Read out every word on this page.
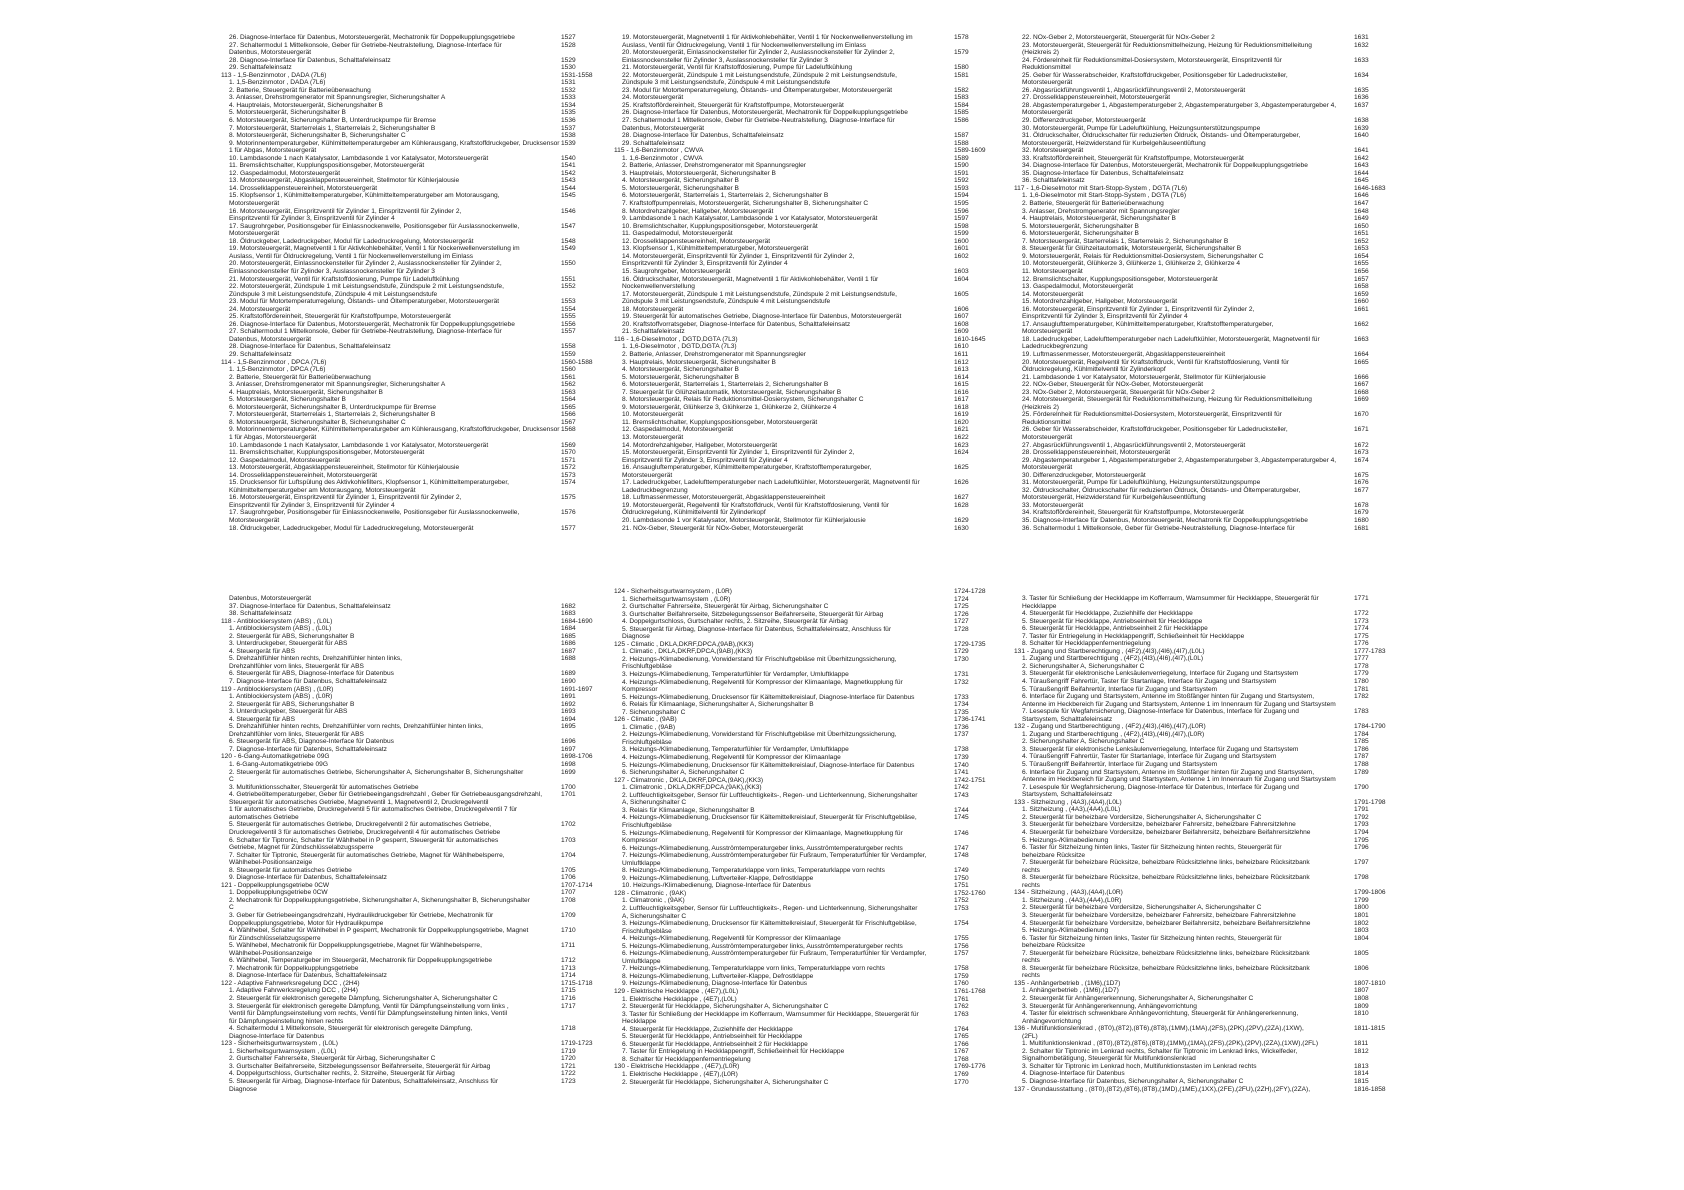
26. Diagnose-Interface für Datenbus, Motorsteuergerät, Mechatronik für Doppelkupplungsgetriebe	1527
27. Schaltermodul 1 Mittelkonsole, Geber für Getriebe-Neutralstellung, Diagnose-Interface für	1528
Datenbus, Motorsteuergerät
28. Diagnose-Interface für Datenbus, Schalttafeleinsatz	1529
29. Schalttafeleinsatz	1530
113 - 1,5-Benzinmotor , DADA (7L6)	1531-1558
1. 1,5-Benzinmotor , DADA (7L6)	1531
2. Batterie, Steuergerät für Batterieüberwachung	1532
3. Anlasser, Drehstromgenerator mit Spannungsregler, Sicherungshalter A	1533
4. Hauptrelais, Motorsteuergerät, Sicherungshalter B	1534
5. Motorsteuergerät, Sicherungshalter B	1535
6. Motorsteuergerät, Sicherungshalter B, Unterdruckpumpe für Bremse	1536
7. Motorsteuergerät, Starterrelais 1, Starterrelais 2, Sicherungshalter B	1537
8. Motorsteuergerät, Sicherungshalter B, Sicherungshalter C	1538
9. Motorinnentemperaturgeber, Kühlmitteltemperaturgeber am Kühlerausgang, Kraftstoffdruckgeber, Drucksensor 1539
1 für Abgas, Motorsteuergerät
10. Lambdasonde 1 nach Katalysator, Lambdasonde 1 vor Katalysator, Motorsteuergerät	1540
11. Bremslichtschalter, Kupplungspositionsgeber, Motorsteuergerät	1541
12. Gaspedalmodul, Motorsteuergerät	1542
13. Motorsteuergerät, Abgasklappensteuereinheit, Stellmotor für Kühlerjalousie	1543
14. Drosselklappensteuereinheit, Motorsteuergerät	1544
15. Klopfsensor 1, Kühlmitteltemperaturgeber, Kühlmitteltemperaturgeber am Motorausgang,	1545
Motorsteuergerät
16. Motorsteuergerät, Einspritzventil für Zylinder 1, Einspritzventil für Zylinder 2,	1546
Einspritzventil für Zylinder 3, Einspritzventil für Zylinder 4
17. Saugrohrgeber, Positionsgeber für Einlassnockenwelle, Positionsgeber für Auslassnockenwelle,	1547
Motorsteuergerät
18. Öldruckgeber, Ladedruckgeber, Modul für Ladedruckregelung, Motorsteuergerät	1548
19. Motorsteuergerät, Magnetventil 1 für Aktivkohlebehälter, Ventil 1 für Nockenwellenverstellung im	1549
Auslass, Ventil für Öldruckregelung, Ventil 1 für Nockenwellenverstellung im Einlass
20. Motorsteuergerät, Einlassnockensteller für Zylinder 2, Auslassnockensteller für Zylinder 2,	1550
Einlassnockensteller für Zylinder 3, Auslassnockensteller für Zylinder 3
21. Motorsteuergerät, Ventil für Kraftstoffdosierung, Pumpe für Ladeluftkühlung	1551
22. Motorsteuergerät, Zündspule 1 mit Leistungsendstufe, Zündspule 2 mit Leistungsendstufe,	1552
Zündspule 3 mit Leistungsendstufe, Zündspule 4 mit Leistungsendstufe
23. Modul für Motortemperaturregelung, Ölstands- und Öltemperaturgeber, Motorsteuergerät	1553
24. Motorsteuergerät	1554
25. Kraftstoffördereinheit, Steuergerät für Kraftstoffpumpe, Motorsteuergerät	1555
26. Diagnose-Interface für Datenbus, Motorsteuergerät, Mechatronik für Doppelkupplungsgetriebe	1556
27. Schaltermodul 1 Mittelkonsole, Geber für Getriebe-Neutralstellung, Diagnose-Interface für	1557
Datenbus, Motorsteuergerät
28. Diagnose-Interface für Datenbus, Schalttafeleinsatz	1558
29. Schalttafeleinsatz	1559
114 - 1,5-Benzinmotor , DPCA (7L6)	1560-1588
1. 1,5-Benzinmotor , DPCA (7L6)	1560
2. Batterie, Steuergerät für Batterieüberwachung	1561
3. Anlasser, Drehstromgenerator mit Spannungsregler, Sicherungshalter A	1562
4. Hauptrelais, Motorsteuergerät, Sicherungshalter B	1563
5. Motorsteuergerät, Sicherungshalter B	1564
6. Motorsteuergerät, Sicherungshalter B, Unterdruckpumpe für Bremse	1565
7. Motorsteuergerät, Starterrelais 1, Starterrelais 2, Sicherungshalter B	1566
8. Motorsteuergerät, Sicherungshalter B, Sicherungshalter C	1567
9. Motorinnentemperaturgeber, Kühlmitteltemperaturgeber am Kühlerausgang, Kraftstoffdruckgeber, Drucksensor 1568
1 für Abgas, Motorsteuergerät
10. Lambdasonde 1 nach Katalysator, Lambdasonde 1 vor Katalysator, Motorsteuergerät	1569
11. Bremslichtschalter, Kupplungspositionsgeber, Motorsteuergerät	1570
12. Gaspedalmodul, Motorsteuergerät	1571
13. Motorsteuergerät, Abgasklappensteuereinheit, Stellmotor für Kühlerjalousie	1572
14. Drosselklappensteuereinheit, Motorsteuergerät	1573
15. Drucksensor für Luftspülung des Aktivkohlefilters, Klopfsensor 1, Kühlmitteltemperaturgeber,	1574
Kühlmitteltemperaturgeber am Motorausgang, Motorsteuergerät
16. Motorsteuergerät, Einspritzventil für Zylinder 1, Einspritzventil für Zylinder 2,	1575
Einspritzventil für Zylinder 3, Einspritzventil für Zylinder 4
17. Saugrohrgeber, Positionsgeber für Einlassnockenwelle, Positionsgeber für Auslassnockenwelle,	1576
Motorsteuergerät
18. Öldruckgeber, Ladedruckgeber, Modul für Ladedruckregelung, Motorsteuergerät	1577
19. Motorsteuergerät, Magnetventil 1 für Aktivkohlebehälter, Ventil 1 für Nockenwellenverstellung im	1578
Auslass, Ventil für Öldruckregelung, Ventil 1 für Nockenwellenverstellung im Einlass
20. Motorsteuergerät, Einlassnockensteller für Zylinder 2, Auslassnockensteller für Zylinder 2,	1579
Einlassnockensteller für Zylinder 3, Auslassnockensteller für Zylinder 3
21. Motorsteuergerät, Ventil für Kraftstoffdosierung, Pumpe für Ladeluftkühlung	1580
22. Motorsteuergerät, Zündspule 1 mit Leistungsendstufe, Zündspule 2 mit Leistungsendstufe,	1581
Zündspule 3 mit Leistungsendstufe, Zündspule 4 mit Leistungsendstufe
23. Modul für Motortemperaturregelung, Ölstands- und Öltemperaturgeber, Motorsteuergerät	1582
24. Motorsteuergerät	1583
25. Kraftstoffördereinheit, Steuergerät für Kraftstoffpumpe, Motorsteuergerät	1584
26. Diagnose-Interface für Datenbus, Motorsteuergerät, Mechatronik für Doppelkupplungsgetriebe	1585
27. Schaltermodul 1 Mittelkonsole, Geber für Getriebe-Neutralstellung, Diagnose-Interface für	1586
Datenbus, Motorsteuergerät
28. Diagnose-Interface für Datenbus, Schalttafeleinsatz	1587
29. Schalttafeleinsatz	1588
115 - 1,6-Benzinmotor , CWVA	1589-1609
1. 1,6-Benzinmotor , CWVA	1589
2. Batterie, Anlasser, Drehstromgenerator mit Spannungsregler	1590
3. Hauptrelais, Motorsteuergerät, Sicherungshalter B	1591
4. Motorsteuergerät, Sicherungshalter B	1592
5. Motorsteuergerät, Sicherungshalter B	1593
6. Motorsteuergerät, Starterrelais 1, Starterrelais 2, Sicherungshalter B	1594
7. Kraftstoffpumpenrelais, Motorsteuergerät, Sicherungshalter B, Sicherungshalter C	1595
8. Motordrehzahlgeber, Hallgeber, Motorsteuergerät	1596
9. Lambdasonde 1 nach Katalysator, Lambdasonde 1 vor Katalysator, Motorsteuergerät	1597
10. Bremslichtschalter, Kupplungspositionsgeber, Motorsteuergerät	1598
11. Gaspedalmodul, Motorsteuergerät	1599
12. Drosselklappensteuereinheit, Motorsteuergerät	1600
13. Klopfsensor 1, Kühlmitteltemperaturgeber, Motorsteuergerät	1601
14. Motorsteuergerät, Einspritzventil für Zylinder 1, Einspritzventil für Zylinder 2,	1602
Einspritzventil für Zylinder 3, Einspritzventil für Zylinder 4
15. Saugrohrgeber, Motorsteuergerät	1603
16. Öldruckschalter, Motorsteuergerät, Magnetventil 1 für Aktivkohlebehälter, Ventil 1 für	1604
Nockenwellenverstellung
17. Motorsteuergerät, Zündspule 1 mit Leistungsendstufe, Zündspule 2 mit Leistungsendstufe,	1605
Zündspule 3 mit Leistungsendstufe, Zündspule 4 mit Leistungsendstufe
18. Motorsteuergerät	1606
19. Steuergerät für automatisches Getriebe, Diagnose-Interface für Datenbus, Motorsteuergerät	1607
20. Kraftstoffvorratsgeber, Diagnose-Interface für Datenbus, Schalttafeleinsatz	1608
21. Schalttafeleinsatz	1609
116 - 1,6-Dieselmotor , DGTD,DGTA (7L3)	1610-1645
1. 1,6-Dieselmotor , DGTD,DGTA (7L3)	1610
2. Batterie, Anlasser, Drehstromgenerator mit Spannungsregler	1611
3. Hauptrelais, Motorsteuergerät, Sicherungshalter B	1612
4. Motorsteuergerät, Sicherungshalter B	1613
5. Motorsteuergerät, Sicherungshalter B	1614
6. Motorsteuergerät, Starterrelais 1, Starterrelais 2, Sicherungshalter B	1615
7. Steuergerät für Glühzeitautomatik, Motorsteuergerät, Sicherungshalter B	1616
8. Motorsteuergerät, Relais für Reduktionsmittel-Dosiersystem, Sicherungshalter C	1617
9. Motorsteuergerät, Glühkerze 3, Glühkerze 1, Glühkerze 2, Glühkerze 4	1618
10. Motorsteuergerät	1619
11. Bremslichtschalter, Kupplungspositionsgeber, Motorsteuergerät	1620
12. Gaspedalmodul, Motorsteuergerät	1621
13. Motorsteuergerät	1622
14. Motordrehzahlgeber, Hallgeber, Motorsteuergerät	1623
15. Motorsteuergerät, Einspritzventil für Zylinder 1, Einspritzventil für Zylinder 2,	1624
Einspritzventil für Zylinder 3, Einspritzventil für Zylinder 4
16. Ansaugluftemperaturgeber, Kühlmitteltemperaturgeber, Kraftstofftemperaturgeber,	1625
Motorsteuergerät
17. Ladedruckgeber, Ladelufttemperaturgeber nach Ladeluftkühler, Motorsteuergerät, Magnetventil für	1626
Ladedruckbegrenzung
18. Luftmassenmesser, Motorsteuergerät, Abgasklappensteuereinheit	1627
19. Motorsteuergerät, Regelventil für Kraftstoffdruck, Ventil für Kraftstoffdosierung, Ventil für	1628
Öldruckregelung, Kühlmittelventil für Zylinderkopf
20. Lambdasonde 1 vor Katalysator, Motorsteuergerät, Stellmotor für Kühlerjalousie	1629
21. NOx-Geber, Steuergerät für NOx-Geber, Motorsteuergerät	1630
22. NOx-Geber 2, Motorsteuergerät, Steuergerät für NOx-Geber 2	1631
23. Motorsteuergerät, Steuergerät für Reduktionsmittelheizung, Heizung für Reduktionsmittelleitung	1632
(Heizkreis 2)
24. Förderelnheit für Reduktionsmittel-Dosiersystem, Motorsteuergerät, Einspritzventil für	1633
Reduktionsmittel
25. Geber für Wasserabscheider, Kraftstoffdruckgeber, Positionsgeber für Ladedrucksteller,	1634
Motorsteuergerät
26. Abgasrückführungsventil 1, Abgasrückführungsventil 2, Motorsteuergerät	1635
27. Drosselklappensteuereinheit, Motorsteuergerät	1636
28. Abgastemperaturgeber 1, Abgastemperaturgeber 2, Abgastemperaturgeber 3, Abgastemperaturgeber 4,	1637
Motorsteuergerät
29. Differenzdruckgeber, Motorsteuergerät	1638
30. Motorsteuergerät, Pumpe für Ladeluftkühlung, Heizungsunterstützungspumpe	1639
31. Öldruckschalter, Öldruckschalter für reduzierten Öldruck, Ölstands- und Öltemperaturgeber,	1640
Motorsteuergerät, Heizwiderstand für Kurbelgehäuseentlüftung
32. Motorsteuergerät	1641
33. Kraftstoffördereinheit, Steuergerät für Kraftstoffpumpe, Motorsteuergerät	1642
34. Diagnose-Interface für Datenbus, Motorsteuergerät, Mechatronik für Doppelkupplungsgetriebe	1643
35. Diagnose-Interface für Datenbus, Schalttafeleinsatz	1644
36. Schalttafeleinsatz	1645
117 - 1,6-Dieselmotor mit Start-Stopp-System , DGTA (7L6)	1646-1683
1. 1,6-Dieselmotor mit Start-Stopp-System , DGTA (7L6)	1646
2. Batterie, Steuergerät für Batterieüberwachung	1647
3. Anlasser, Drehstromgenerator mit Spannungsregler	1648
4. Hauptrelais, Motorsteuergerät, Sicherungshalter B	1649
5. Motorsteuergerät, Sicherungshalter B	1650
6. Motorsteuergerät, Sicherungshalter B	1651
7. Motorsteuergerät, Starterrelais 1, Starterrelais 2, Sicherungshalter B	1652
8. Steuergerät für Glühzeitautomatik, Motorsteuergerät, Sicherungshalter B	1653
9. Motorsteuergerät, Relais für Reduktionsmittel-Dosiersystem, Sicherungshalter C	1654
10. Motorsteuergerät, Glühkerze 3, Glühkerze 1, Glühkerze 2, Glühkerze 4	1655
11. Motorsteuergerät	1656
12. Bremslichtschalter, Kupplungspositionsgeber, Motorsteuergerät	1657
13. Gaspedalmodul, Motorsteuergerät	1658
14. Motorsteuergerät	1659
15. Motordrehzahlgeber, Hallgeber, Motorsteuergerät	1660
16. Motorsteuergerät, Einspritzventil für Zylinder 1, Einspritzventil für Zylinder 2,	1661
Einspritzventil für Zylinder 3, Einspritzventil für Zylinder 4
17. Ansauglufttemperaturgeber, Kühlmitteltemperaturgeber, Kraftstofftemperaturgeber,	1662
Motorsteuergerät
18. Ladedruckgeber, Ladelufttemperaturgeber nach Ladeluftkühler, Motorsteuergerät, Magnetventil für	1663
Ladedruckbegrenzung
19. Luftmassenmesser, Motorsteuergerät, Abgasklappensteuereinheit	1664
20. Motorsteuergerät, Regelventil für Kraftstoffdruck, Ventil für Kraftstoffdosierung, Ventil für	1665
Öldruckregelung, Kühlmittelventil für Zylinderkopf
21. Lambdasonde 1 vor Katalysator, Motorsteuergerät, Stellmotor für Kühlerjalousie	1666
22. NOx-Geber, Steuergerät für NOx-Geber, Motorsteuergerät	1667
23. NOx-Geber 2, Motorsteuergerät, Steuergerät für NOx-Geber 2	1668
24. Motorsteuergerät, Steuergerät für Reduktionsmittelheizung, Heizung für Reduktionsmittelleitung	1669
(Heizkreis 2)
25. Förderelnheit für Reduktionsmittel-Dosiersystem, Motorsteuergerät, Einspritzventil für	1670
Reduktionsmittel
26. Geber für Wasserabscheider, Kraftstoffdruckgeber, Positionsgeber für Ladedrucksteller,	1671
Motorsteuergerät
27. Abgasrückführungsventil 1, Abgasrückführungsventil 2, Motorsteuergerät	1672
28. Drosselklappensteuereinheit, Motorsteuergerät	1673
29. Abgastemperaturgeber 1, Abgastemperaturgeber 2, Abgastemperaturgeber 3, Abgastemperaturgeber 4,	1674
Motorsteuergerät
30. Differenzdruckgeber, Motorsteuergerät	1675
31. Motorsteuergerät, Pumpe für Ladeluftkühlung, Heizungsunterstützungspumpe	1676
32. Öldruckschalter, Öldruckschalter für reduzierten Öldruck, Ölstands- und Öltemperaturgeber,	1677
Motorsteuergerät, Heizwiderstand für Kurbelgehäuseentlüftung
33. Motorsteuergerät	1678
34. Kraftstoffördereinheit, Steuergerät für Kraftstoffpumpe, Motorsteuergerät	1679
35. Diagnose-Interface für Datenbus, Motorsteuergerät, Mechatronik für Doppelkupplungsgetriebe	1680
36. Schaltermodul 1 Mittelkonsole, Geber für Getriebe-Neutralstellung, Diagnose-Interface für	1681
Datenbus, Motorsteuergerät
37. Diagnose-Interface für Datenbus, Schalttafeleinsatz	1682
38. Schalttafeleinsatz	1683
118 - Antiblockiersystem (ABS) , (L0L)	1684-1690
1. Antiblockiersystem (ABS) , (L0L)	1684
2. Steuergerät für ABS, Sicherungshalter B	1685
3. Unterdruckgeber, Steuergerät für ABS	1686
4. Steuergerät für ABS	1687
5. Drehzahlfühler hinten rechts, Drehzahlfühler hinten links,	1688
Drehzahlfühler vorn links, Steuergerät für ABS
6. Steuergerät für ABS, Diagnose-Interface für Datenbus	1689
7. Diagnose-Interface für Datenbus, Schalttafeleinsatz	1690
119 - Antiblockiersystem (ABS) , (L0R)	1691-1697
1. Antiblockiersystem (ABS) , (L0R)	1691
2. Steuergerät für ABS, Sicherungshalter B	1692
3. Unterdruckgeber, Steuergerät für ABS	1693
4. Steuergerät für ABS	1694
5. Drehzahlfühler hinten rechts, Drehzahlfühler vorn rechts, Drehzahlfühler hinten links,	1695
Drehzahlfühler vorn links, Steuergerät für ABS
6. Steuergerät für ABS, Diagnose-Interface für Datenbus	1696
7. Diagnose-Interface für Datenbus, Schalttafeleinsatz	1697
120 - 6-Gang-Automatikgetriebe 09G	1698-1706
1. 6-Gang-Automatikgetriebe 09G	1698
2. Steuergerät für automatisches Getriebe, Sicherungshalter A, Sicherungshalter B, Sicherungshalter	1699
C
3. Multifunktionsschalter, Steuergerät für automatisches Getriebe	1700
4. Getriebeöltemperaturgeber, Geber für Getriebeeingangsdrehzahl , Geber für Getriebeausgangsdrehzahl,	1701
Steuergerät für automatisches Getriebe, Magnetventil 1, Magnetventil 2, Druckregelventil
1 für automatisches Getriebe, Druckregelventil 5 für automatisches Getriebe, Druckregelventil 7 für
automatisches Getriebe
5. Steuergerät für automatisches Getriebe, Druckregelventil 2 für automatisches Getriebe,	1702
Druckregelventil 3 für automatisches Getriebe, Druckregelventil 4 für automatisches Getriebe
6. Schalter für Tiptronic, Schalter für Wählhebel in P gesperrt, Steuergerät für automatisches	1703
Getriebe, Magnet für Zündschlüsselabzugssperre
7. Schalter für Tiptronic, Steuergerät für automatisches Getriebe, Magnet für Wählhebelsperre,	1704
Wählhebel-Positionsanzeige
8. Steuergerät für automatisches Getriebe	1705
9. Diagnose-Interface für Datenbus, Schalttafeleinsatz	1706
121 - Doppelkupplungsgetriebe 0CW	1707-1714
1. Doppelkupplungsgetriebe 0CW	1707
2. Mechatronik für Doppelkupplungsgetriebe, Sicherungshalter A, Sicherungshalter B, Sicherungshalter	1708
C
3. Geber für Getriebeeingangsdrehzahl, Hydraulikdruckgeber für Getriebe, Mechatronik für	1709
Doppelkupplungsgetriebe, Motor für Hydraulikpumpe
4. Wählhebel, Schalter für Wählhebel in P gesperrt, Mechatronik für Doppelkupplungsgetriebe, Magnet	1710
für Zündschlüsselabzugssperre
5. Wählhebel, Mechatronik für Doppelkupplungsgetriebe, Magnet für Wählhebelsperre,	1711
Wählhebel-Positionsanzeige
6. Wählhebel, Temperaturgeber im Steuergerät, Mechatronik für Doppelkupplungsgetriebe	1712
7. Mechatronik für Doppelkupplungsgetriebe	1713
8. Diagnose-Interface für Datenbus, Schalttafeleinsatz	1714
122 - Adaptive Fahrwerksregelung DCC , (2H4)	1715-1718
1. Adaptive Fahrwerksregelung DCC , (2H4)	1715
2. Steuergerät für elektronisch geregelte Dämpfung, Sicherungshalter A, Sicherungshalter C	1716
3. Steuergerät für elektronisch geregelte Dämpfung, Ventil für Dämpfungseinstellung vorn links ,	1717
Ventil für Dämpfungseinstellung vorn rechts, Ventil für Dämpfungseinstellung hinten links, Ventil
für Dämpfungseinstellung hinten rechts
4. Schaltermodul 1 Mittelkonsole, Steuergerät für elektronisch geregelte Dämpfung,	1718
Diagnose-Interface für Datenbus
123 - Sicherheitsgurtwarnsystem , (L0L)	1719-1723
1. Sicherheitsgurtwarnsystem , (L0L)	1719
2. Gurtschalter Fahrerseite, Steuergerät für Airbag, Sicherungshalter C	1720
3. Gurtschalter Beifahrerseite, Sitzbelegungssensor Beifahrerseite, Steuergerät für Airbag	1721
4. Doppelgurtschloss, Gurtschalter rechts, 2. Sitzreihe, Steuergerät für Airbag	1722
5. Steuergerät für Airbag, Diagnose-Interface für Datenbus, Schalttafeleinsatz, Anschluss für	1723
Diagnose
124 - Sicherheitsgurtwarnsystem , (L0R)	1724-1728
1. Sicherheitsgurtwarnsystem , (L0R)	1724
2. Gurtschalter Fahrerseite, Steuergerät für Airbag, Sicherungshalter C	1725
3. Gurtschalter Beifahrerseite, Sitzbelegungssensor Beifahrerseite, Steuergerät für Airbag	1726
4. Doppelgurtschloss, Gurtschalter rechts, 2. Sitzreihe, Steuergerät für Airbag	1727
5. Steuergerät für Airbag, Diagnose-Interface für Datenbus, Schalttafeleinsatz, Anschluss für	1728
Diagnose
125 - Climatic , DKLA,DKRF,DPCA,(9AB),(KK3)	1729-1735
1. Climatic , DKLA,DKRF,DPCA,(9AB),(KK3)	1729
2. Heizungs-/Klimabedienung, Vorwiderstand für Frischluftgebläse mit Überhitzungssicherung,	1730
Frischluftgebläse
3. Heizungs-/Klimabedienung, Temperaturfühler für Verdampfer, Umluftklappe	1731
4. Heizungs-/Klimabedienung, Regelventil für Kompressor der Klimaanlage, Magnetkupplung für	1732
Kompressor
5. Heizungs-/Klimabedienung, Drucksensor für Kältemittelkreislauf, Diagnose-Interface für Datenbus	1733
6. Relais für Klimaanlage, Sicherungshalter A, Sicherungshalter B	1734
7. Sicherungshalter C	1735
126 - Climatic , (9AB)	1736-1741
1. Climatic , (9AB)	1736
2. Heizungs-/Klimabedienung, Vorwiderstand für Frischluftgebläse mit Überhitzungssicherung,	1737
Frischluftgebläse
3. Heizungs-/Klimabedienung, Temperaturfühler für Verdampfer, Umluftklappe	1738
4. Heizungs-/Klimabedienung, Regelventil für Kompressor der Klimaanlage	1739
5. Heizungs-/Klimabedienung, Drucksensor für Kältemittelkreislauf, Diagnose-Interface für Datenbus	1740
6. Sicherungshalter A, Sicherungshalter C	1741
127 - Climatronic , DKLA,DKRF,DPCA,(9AK),(KK3)	1742-1751
1. Climatronic , DKLA,DKRF,DPCA,(9AK),(KK3)	1742
2. Luftfeuchtigkeitsgeber, Sensor für Luftfeuchtigkeits-, Regen- und Lichterkennung, Sicherungshalter	1743
A, Sicherungshalter C
3. Relais für Klimaanlage, Sicherungshalter B	1744
4. Heizungs-/Klimabedienung, Drucksensor für Kältemittelkreislauf, Steuergerät für Frischluftgebläse,	1745
Frischluftgebläse
5. Heizungs-/Klimabedienung, Regelventil für Kompressor der Klimaanlage, Magnetkupplung für	1746
Kompressor
6. Heizungs-/Klimabedienung, Ausströmtemperaturgeber links, Ausströmtemperaturgeber rechts	1747
7. Heizungs-/Klimabedienung, Ausströmtemperaturgeber für Fußraum, Temperaturfühler für Verdampfer,	1748
Umluftklappe
8. Heizungs-/Klimabedienung, Temperaturklappe vorn links, Temperaturklappe vorn rechts	1749
9. Heizungs-/Klimabedienung, Luftverteiler-Klappe, Defrostklappe	1750
10. Heizungs-/Klimabedienung, Diagnose-Interface für Datenbus	1751
128 - Climatronic , (9AK)	1752-1760
1. Climatronic , (9AK)	1752
2. Luftfeuchtigkeitsgeber, Sensor für Luftfeuchtigkeits-, Regen- und Lichterkennung, Sicherungshalter	1753
A, Sicherungshalter C
3. Heizungs-/Klimabedienung, Drucksensor für Kältemittelkreislauf, Steuergerät für Frischluftgebläse,	1754
Frischluftgebläse
4. Heizungs-/Klimabedienung, Regelventil für Kompressor der Klimaanlage	1755
5. Heizungs-/Klimabedienung, Ausströmtemperaturgeber links, Ausströmtemperaturgeber rechts	1756
6. Heizungs-/Klimabedienung, Ausströmtemperaturgeber für Fußraum, Temperaturfühler für Verdampfer,	1757
Umluftklappe
7. Heizungs-/Klimabedienung, Temperaturklappe vorn links, Temperaturklappe vorn rechts	1758
8. Heizungs-/Klimabedienung, Luftverteiler-Klappe, Defrostklappe	1759
9. Heizungs-/Klimabedienung, Diagnose-Interface für Datenbus	1760
129 - Elektrische Heckklappe , (4E7),(L0L)	1761-1768
1. Elektrische Heckklappe , (4E7),(L0L)	1761
2. Steuergerät für Heckklappe, Sicherungshalter A, Sicherungshalter C	1762
3. Taster für Schließung der Heckklappe im Kofferraum, Warnsummer für Heckklappe, Steuergerät für	1763
Heckklappe
4. Steuergerät für Heckklappe, Zuziehhilfe der Heckklappe	1764
5. Steuergerät für Heckklappe, Antriebseinheit für Heckklappe	1765
6. Steuergerät für Heckklappe, Antriebseinheit 2 für Heckklappe	1766
7. Taster für Entriegelung in Heckklappengriff, Schließeinheit für Heckklappe	1767
8. Schalter für Heckklappenfernentriegelung	1768
130 - Elektrische Heckklappe , (4E7),(L0R)	1769-1776
1. Elektrische Heckklappe , (4E7),(L0R)	1769
2. Steuergerät für Heckklappe, Sicherungshalter A, Sicherungshalter C	1770
3. Taster für Schließung der Heckklappe im Kofferraum, Warnsummer für Heckklappe, Steuergerät für	1771
Heckklappe
4. Steuergerät für Heckklappe, Zuziehhilfe der Heckklappe	1772
5. Steuergerät für Heckklappe, Antriebseinheit für Heckklappe	1773
6. Steuergerät für Heckklappe, Antriebseinheit 2 für Heckklappe	1774
7. Taster für Entriegelung in Heckklappengriff, Schließeinheit für Heckklappe	1775
8. Schalter für Heckklappenfernentriegelung	1776
131 - Zugang und Startberechtigung , (4F2),(4I3),(4I6),(4I7),(L0L)	1777-1783
1. Zugang und Startberechtigung , (4F2),(4I3),(4I6),(4I7),(L0L)	1777
2. Sicherungshalter A, Sicherungshalter C	1778
3. Steuergerät für elektronische Lenksäulenverriegelung, Interface für Zugang und Startsystem	1779
4. Türaußengriff Fahrertür, Taster für Startanlage, Interface für Zugang und Startsystem	1780
5. Türaußengriff Beifahrertür, Interface für Zugang und Startsystem	1781
6. Interface für Zugang und Startsystem, Antenne im Stoßfänger hinten für Zugang und Startsystem,	1782
Antenne im Heckbereich für Zugang und Startsystem, Antenne 1 im Innenraum für Zugang und Startsystem
7. Lesespule für Wegfahrsicherung, Diagnose-Interface für Datenbus, Interface für Zugang und	1783
Startsystem, Schalttafeleinsatz
132 - Zugang und Startberechtigung , (4F2),(4I3),(4I6),(4I7),(L0R)	1784-1790
1. Zugang und Startberechtigung , (4F2),(4I3),(4I6),(4I7),(L0R)	1784
2. Sicherungshalter A, Sicherungshalter C	1785
3. Steuergerät für elektronische Lenksäulenverriegelung, Interface für Zugang und Startsystem	1786
4. Türaußengriff Fahrertür, Taster für Startanlage, Interface für Zugang und Startsystem	1787
5. Türaußengriff Beifahrertür, Interface für Zugang und Startsystem	1788
6. Interface für Zugang und Startsystem, Antenne im Stoßfänger hinten für Zugang und Startsystem,	1789
Antenne im Heckbereich für Zugang und Startsystem, Antenne 1 im Innenraum für Zugang und Startsystem
7. Lesespule für Wegfahrsicherung, Diagnose-Interface für Datenbus, Interface für Zugang und	1790
Startsystem, Schalttafeleinsatz
133 - Sitzheizung , (4A3),(4A4),(L0L)	1791-1798
1. Sitzheizung , (4A3),(4A4),(L0L)	1791
2. Steuergerät für beheizbare Vordersitze, Sicherungshalter A, Sicherungshalter C	1792
3. Steuergerät für beheizbare Vordersitze, beheizbarer Fahrersitz, beheizbare Fahrersitzlehne	1793
4. Steuergerät für beheizbare Vordersitze, beheizbarer Beifahrersitz, beheizbare Beifahrersitzlehne	1794
5. Heizungs-/Klimabedienung	1795
6. Taster für Sitzheizung hinten links, Taster für Sitzheizung hinten rechts, Steuergerät für	1796
beheizbare Rücksitze
7. Steuergerät für beheizbare Rücksitze, beheizbare Rücksitzlehne links, beheizbare Rücksitzbank	1797
rechts
8. Steuergerät für beheizbare Rücksitze, beheizbare Rücksitzlehne links, beheizbare Rücksitzbank	1798
rechts
134 - Sitzheizung , (4A3),(4A4),(L0R)	1799-1806
1. Sitzheizung , (4A3),(4A4),(L0R)	1799
2. Steuergerät für beheizbare Vordersitze, Sicherungshalter A, Sicherungshalter C	1800
3. Steuergerät für beheizbare Vordersitze, beheizbarer Fahrersitz, beheizbare Fahrersitzlehne	1801
4. Steuergerät für beheizbare Vordersitze, beheizbarer Beifahrersitz, beheizbare Beifahrersitzlehne	1802
5. Heizungs-/Klimabedienung	1803
6. Taster für Sitzheizung hinten links, Taster für Sitzheizung hinten rechts, Steuergerät für	1804
beheizbare Rücksitze
7. Steuergerät für beheizbare Rücksitze, beheizbare Rücksitzlehne links, beheizbare Rücksitzbank	1805
rechts
8. Steuergerät für beheizbare Rücksitze, beheizbare Rücksitzlehne links, beheizbare Rücksitzbank	1806
rechts
135 - Anhängerbetrieb , (1M6),(1D7)	1807-1810
1. Anhängerbetrieb , (1M6),(1D7)	1807
2. Steuergerät für Anhängererkennung, Sicherungshalter A, Sicherungshalter C	1808
3. Steuergerät für Anhängererkennung, Anhängevorrichtung	1809
4. Taster für elektrisch schwenkbare Anhängevorrichtung, Steuergerät für Anhängererkennung,	1810
Anhängevorrichtung
136 - Multifunktionslenkrad , (8T0),(8T2),(8T6),(8T8),(1MM),(1MA),(2FS),(2PK),(2PV),(2ZA),(1XW),	1811-1815
(2FL)
1. Multifunktionslenkrad , (8T0),(8T2),(8T6),(8T8),(1MM),(1MA),(2FS),(2PK),(2PV),(2ZA),(1XW),(2FL)	1811
2. Schalter für Tiptronic im Lenkrad rechts, Schalter für Tiptronic im Lenkrad links, Wickelfeder,	1812
Signalhornbetätigung, Steuergerät für Multifunktionslenkrad
3. Schalter für Tiptronic im Lenkrad hoch, Multifunktionstasten im Lenkrad rechts	1813
4. Diagnose-Interface für Datenbus	1814
5. Diagnose-Interface für Datenbus, Sicherungshalter A, Sicherungshalter C	1815
137 - Grundausstattung , (8T0),(8T2),(8T6),(8T8),(1MD),(1ME),(1XX),(2FE),(2FU),(2ZH),(2FY),(2ZA),	1816-1858
